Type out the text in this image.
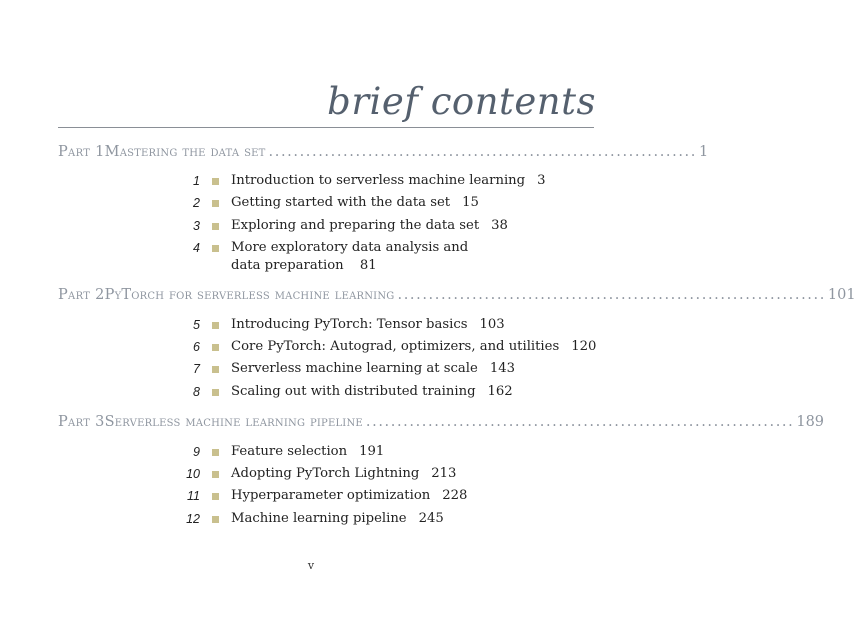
brief contents
Part 1 Mastering the data set ..................................................................... 1
1 Introduction to serverless machine learning 3
2 Getting started with the data set 15
3 Exploring and preparing the data set 38
4 More exploratory data analysis and
data preparation 81
Part 2 PyTorch for serverless machine learning ..................................................................... 101
5 Introducing PyTorch: Tensor basics 103
6 Core PyTorch: Autograd, optimizers, and utilities 120
7 Serverless machine learning at scale 143
8 Scaling out with distributed training 162
Part 3 Serverless machine learning pipeline ..................................................................... 189
9 Feature selection 191
10 Adopting PyTorch Lightning 213
11 Hyperparameter optimization 228
12 Machine learning pipeline 245
v
